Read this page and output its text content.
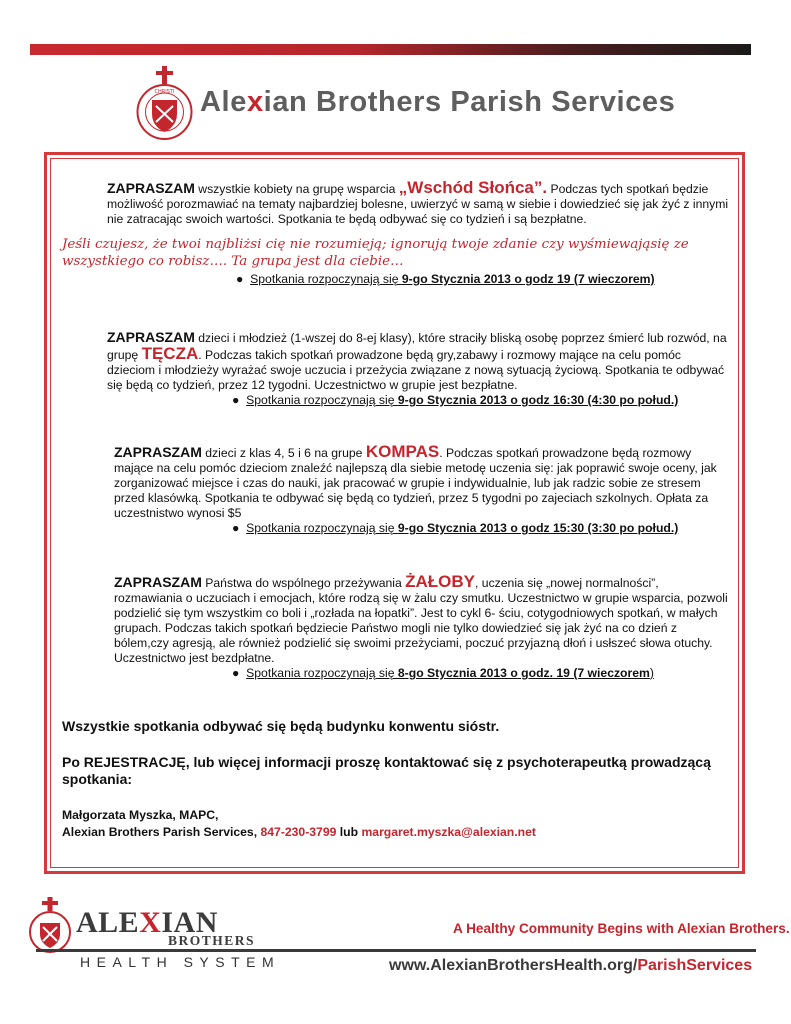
CHRISTI Alexian Brothers Parish Services

ZAPRASZAM wszystkie kobiety na grupę wsparcia „Wschód Słońca”. Podczas tych spotkań będzie możliwość porozmawiać na tematy najbardziej bolesne, uwierzyć w samą w siebie i dowiedzieć się jak żyć z innymi nie zatracając swoich wartości. Spotkania te będą odbywać się co tydzień i są bezpłatne.

Jeśli czujesz, że twoi najbliżsi cię nie rozumieją; ignorują twoje zdanie czy wyśmiewająsię ze wszystkiego co robisz…. Ta grupa jest dla ciebie…

●  Spotkania rozpoczynają się 9-go Stycznia 2013 o godz 19 (7 wieczorem)

ZAPRASZAM dzieci i młodzież (1-wszej do 8-ej klasy), które straciły bliską osobę poprzez śmierć lub rozwód, na grupę TĘCZA. Podczas takich spotkań prowadzone będą gry,zabawy i rozmowy mające na celu pomóc dzieciom i młodzieży wyrażać swoje uczucia i przeżycia związane z nową sytuacją życiową. Spotkania te odbywać się będą co tydzień, przez 12 tygodni. Uczestnictwo w grupie jest bezpłatne.

●  Spotkania rozpoczynają się 9-go Stycznia 2013 o godz 16:30 (4:30 po połud.)

ZAPRASZAM dzieci z klas 4, 5 i 6 na grupe KOMPAS. Podczas spotkań prowadzone będą rozmowy mające na celu pomóc dzieciom znaleźć najlepszą dla siebie metodę uczenia się: jak poprawić swoje oceny, jak zorganizować miejsce i czas do nauki, jak pracować w grupie i indywidualnie, lub jak radzic sobie ze stresem przed klasówką. Spotkania te odbywać się będą co tydzień, przez 5 tygodni po zajeciach szkolnych. Opłata za uczestnistwo wynosi $5

●  Spotkania rozpoczynają się 9-go Stycznia 2013 o godz 15:30 (3:30 po połud.)

ZAPRASZAM Państwa do wspólnego przeżywania ŻAŁOBY, uczenia się „nowej normalności”, rozmawiania o uczuciach i emocjach, które rodzą się w żalu czy smutku. Uczestnictwo w grupie wsparcia, pozwoli podzielić się tym wszystkim co boli i „rozłada na łopatki”. Jest to cykl 6- ściu, cotygodniowych spotkań, w małych grupach. Podczas takich spotkań będziecie Państwo mogli nie tylko dowiedzieć się jak żyć na co dzień z bólem,czy agresją, ale również podzielić się swoimi przeżyciami, poczuć przyjazną dłoń i usłszeć słowa otuchy. Uczestnictwo jest bezdpłatne.

●  Spotkania rozpoczynają się 8-go Stycznia 2013 o godz. 19 (7 wieczorem)

Wszystkie spotkania odbywać się będą budynku konwentu sióstr.

Po REJESTRACJĘ, lub więcej informacji proszę kontaktować się z psychoterapeutką prowadzącą spotkania:

Małgorzata Myszka, MAPC,

Alexian Brothers Parish Services, 847-230-3799 lub margaret.myszka@alexian.net

ALEXIAN
BROTHERS
HEALTH SYSTEM
A Healthy Community Begins with Alexian Brothers.
www.AlexianBrothersHealth.org/ParishServices
